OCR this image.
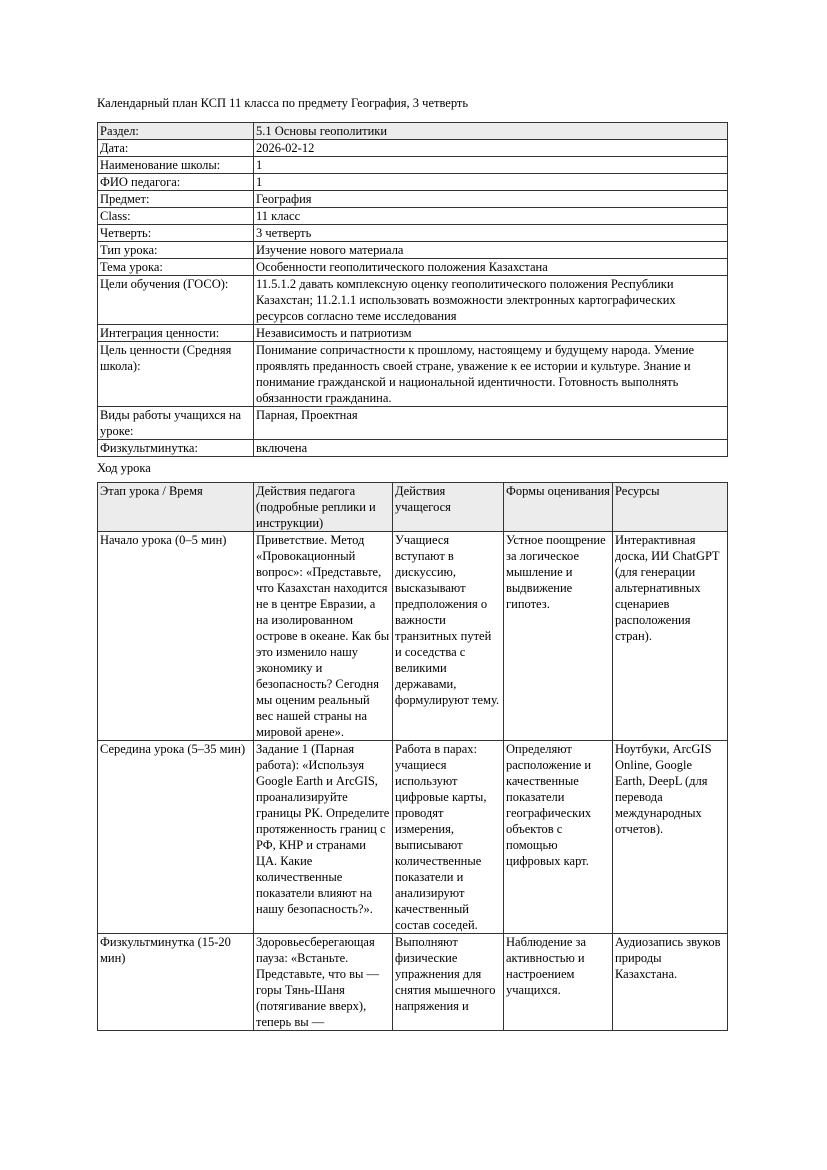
Календарный план КСП 11 класса по предмету География, 3 четверть

Раздел:	5.1 Основы геополитики
Дата:	2026-02-12
Наименование школы:	1
ФИО педагога:	1
Предмет:	География
Class:	11 класс
Четверть:	3 четверть
Тип урока:	Изучение нового материала
Тема урока:	Особенности геополитического положения Казахстана
Цели обучения (ГОСО):	11.5.1.2 давать комплексную оценку геополитического положения Республики Казахстан; 11.2.1.1 использовать возможности электронных картографических ресурсов согласно теме исследования
Интеграция ценности:	Независимость и патриотизм
Цель ценности (Средняя школа):	Понимание сопричастности к прошлому, настоящему и будущему народа. Умение проявлять преданность своей стране, уважение к ее истории и культуре. Знание и понимание гражданской и национальной идентичности. Готовность выполнять обязанности гражданина.
Виды работы учащихся на уроке:	Парная, Проектная
Физкультминутка:	включена

Ход урока

Этап урока / Время	Действия педагога (подробные реплики и инструкции)	Действия учащегося	Формы оценивания	Ресурсы
Начало урока (0–5 мин)	Приветствие. Метод «Провокационный вопрос»: «Представьте, что Казахстан находится не в центре Евразии, а на изолированном острове в океане. Как бы это изменило нашу экономику и безопасность? Сегодня мы оценим реальный вес нашей страны на мировой арене».	Учащиеся вступают в дискуссию, высказывают предположения о важности транзитных путей и соседства с великими державами, формулируют тему.	Устное поощрение за логическое мышление и выдвижение гипотез.	Интерактивная доска, ИИ ChatGPT (для генерации альтернативных сценариев расположения стран).
Середина урока (5–35 мин)	Задание 1 (Парная работа): «Используя Google Earth и ArcGIS, проанализируйте границы РК. Определите протяженность границ с РФ, КНР и странами ЦА. Какие количественные показатели влияют на нашу безопасность?».	Работа в парах: учащиеся используют цифровые карты, проводят измерения, выписывают количественные показатели и анализируют качественный состав соседей.	Определяют расположение и качественные показатели географических объектов с помощью цифровых карт.	Ноутбуки, ArcGIS Online, Google Earth, DeepL (для перевода международных отчетов).

Физкультминутка (15-20 мин)	Здоровьесберегающая пауза: «Встаньте. Представьте, что вы — горы Тянь-Шаня (потягивание вверх), теперь вы —	Выполняют физические упражнения для снятия мышечного напряжения и	Наблюдение за активностью и настроением учащихся.	Аудиозапись звуков природы Казахстана.
